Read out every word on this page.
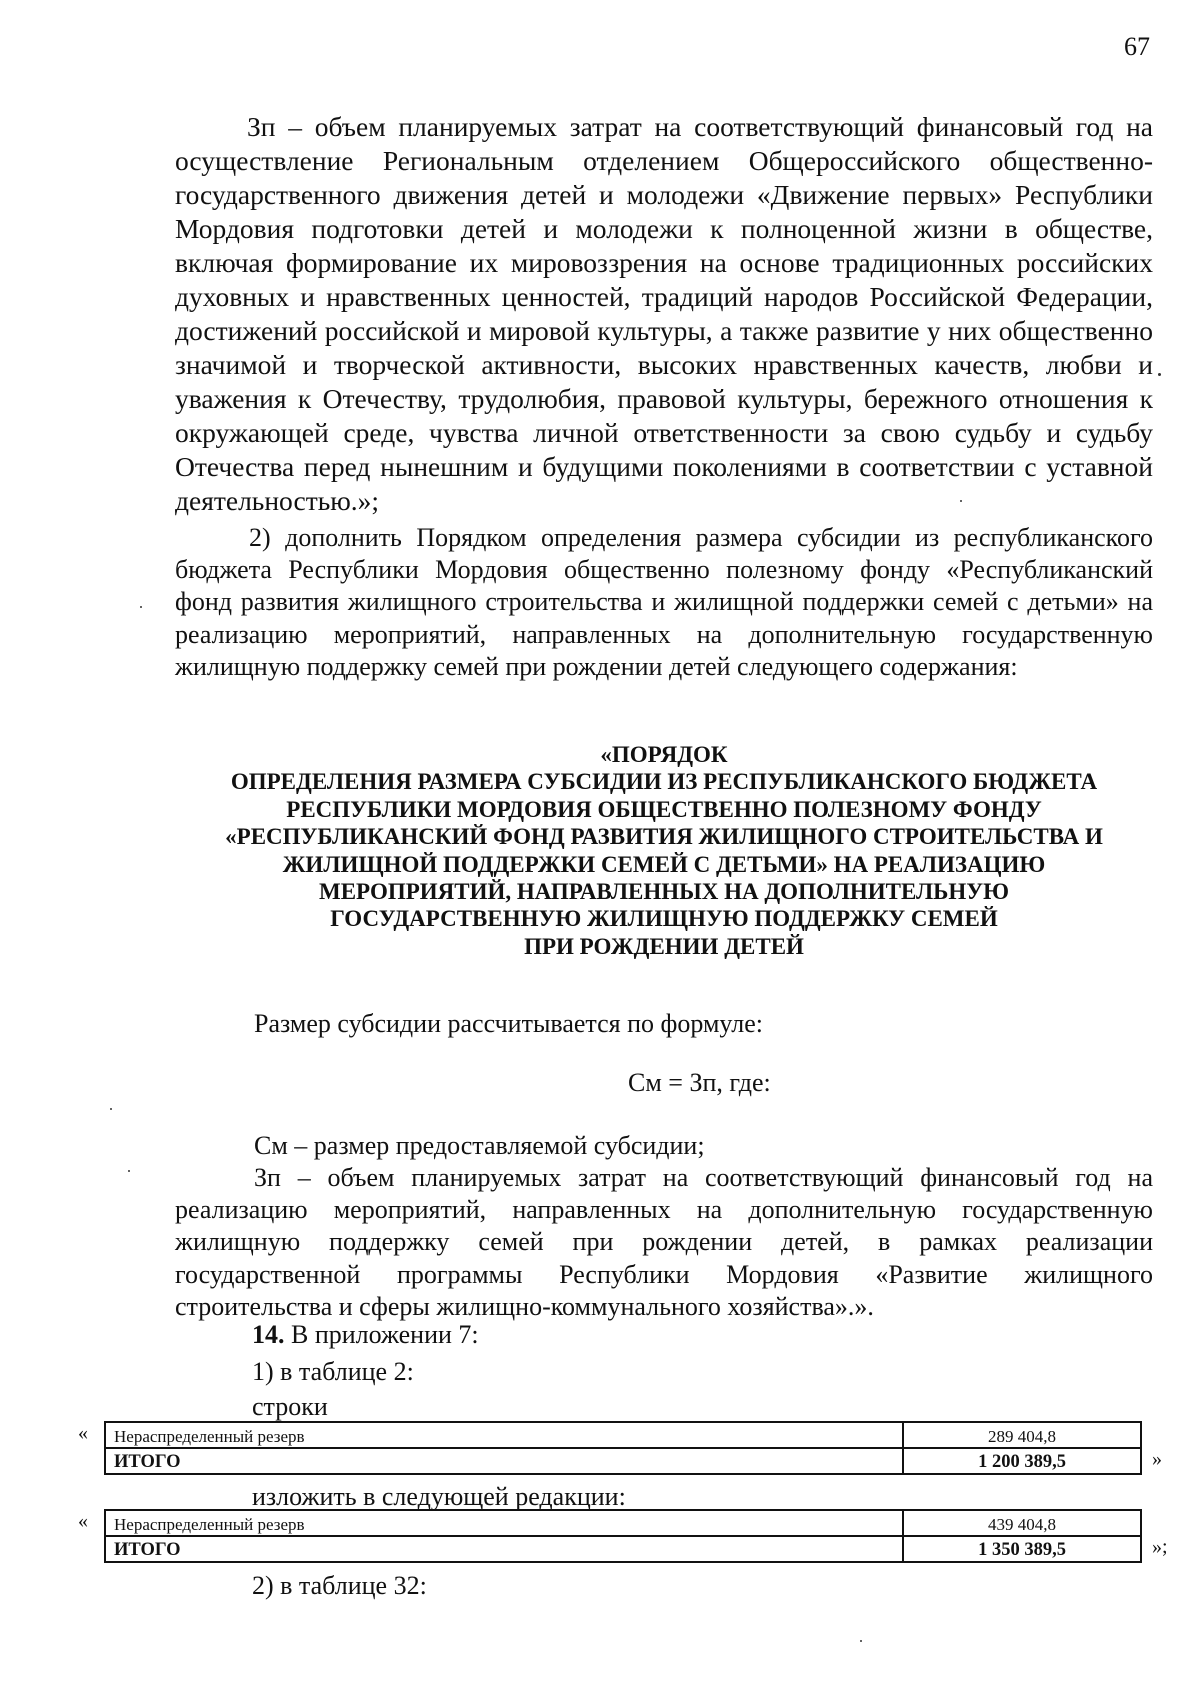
67

Зп – объем планируемых затрат на соответствующий финансовый год на осуществление Региональным отделением Общероссийского общественно-государственного движения детей и молодежи «Движение первых» Республики Мордовия подготовки детей и молодежи к полноценной жизни в обществе, включая формирование их мировоззрения на основе традиционных российских духовных и нравственных ценностей, традиций народов Российской Федерации, достижений российской и мировой культуры, а также развитие у них общественно значимой и творческой активности, высоких нравственных качеств, любви и уважения к Отечеству, трудолюбия, правовой культуры, бережного отношения к окружающей среде, чувства личной ответственности за свою судьбу и судьбу Отечества перед нынешним и будущими поколениями в соответствии с уставной деятельностью.»;

2) дополнить Порядком определения размера субсидии из республиканского бюджета Республики Мордовия общественно полезному фонду «Республиканский фонд развития жилищного строительства и жилищной поддержки семей с детьми» на реализацию мероприятий, направленных на дополнительную государственную жилищную поддержку семей при рождении детей следующего содержания:

«ПОРЯДОК
ОПРЕДЕЛЕНИЯ РАЗМЕРА СУБСИДИИ ИЗ РЕСПУБЛИКАНСКОГО БЮДЖЕТА
РЕСПУБЛИКИ МОРДОВИЯ ОБЩЕСТВЕННО ПОЛЕЗНОМУ ФОНДУ
«РЕСПУБЛИКАНСКИЙ ФОНД РАЗВИТИЯ ЖИЛИЩНОГО СТРОИТЕЛЬСТВА И
ЖИЛИЩНОЙ ПОДДЕРЖКИ СЕМЕЙ С ДЕТЬМИ» НА РЕАЛИЗАЦИЮ
МЕРОПРИЯТИЙ, НАПРАВЛЕННЫХ НА ДОПОЛНИТЕЛЬНУЮ
ГОСУДАРСТВЕННУЮ ЖИЛИЩНУЮ ПОДДЕРЖКУ СЕМЕЙ
ПРИ РОЖДЕНИИ ДЕТЕЙ
Размер субсидии рассчитывается по формуле:
См = Зп, где:
См – размер предоставляемой субсидии;

Зп – объем планируемых затрат на соответствующий финансовый год на реализацию мероприятий, направленных на дополнительную государственную жилищную поддержку семей при рождении детей, в рамках реализации государственной программы Республики Мордовия «Развитие жилищного строительства и сферы жилищно-коммунального хозяйства».».

14. В приложении 7:
1) в таблице 2:
строки
« Нераспределенный резерв	289 404,8
ИТОГО	1 200 389,5	»
изложить в следующей редакции:
« Нераспределенный резерв	439 404,8
ИТОГО	1 350 389,5	»;
2) в таблице 32:
